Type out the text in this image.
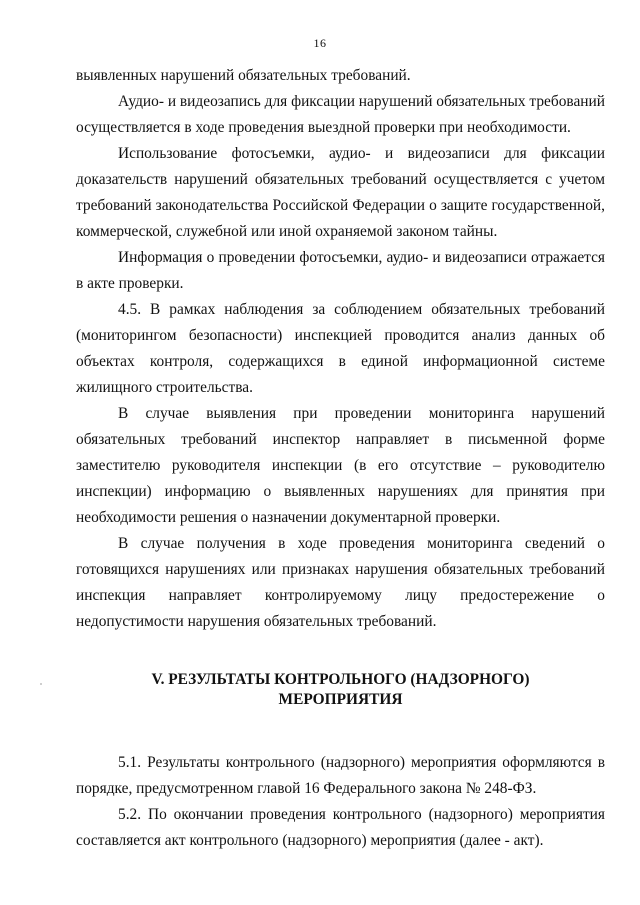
16

выявленных нарушений обязательных требований.

Аудио- и видеозапись для фиксации нарушений обязательных требований осуществляется в ходе проведения выездной проверки при необходимости.

Использование фотосъемки, аудио- и видеозаписи для фиксации доказательств нарушений обязательных требований осуществляется с учетом требований законодательства Российской Федерации о защите государственной, коммерческой, служебной или иной охраняемой законом тайны.

Информация о проведении фотосъемки, аудио- и видеозаписи отражается в акте проверки.

4.5. В рамках наблюдения за соблюдением обязательных требований (мониторингом безопасности) инспекцией проводится анализ данных об объектах контроля, содержащихся в единой информационной системе жилищного строительства.

В случае выявления при проведении мониторинга нарушений обязательных требований инспектор направляет в письменной форме заместителю руководителя инспекции (в его отсутствие – руководителю инспекции) информацию о выявленных нарушениях для принятия при необходимости решения о назначении документарной проверки.

В случае получения в ходе проведения мониторинга сведений о готовящихся нарушениях или признаках нарушения обязательных требований инспекция направляет контролируемому лицу предостережение о недопустимости нарушения обязательных требований.

V. РЕЗУЛЬТАТЫ КОНТРОЛЬНОГО (НАДЗОРНОГО)
МЕРОПРИЯТИЯ

5.1. Результаты контрольного (надзорного) мероприятия оформляются в порядке, предусмотренном главой 16 Федерального закона № 248-ФЗ.

5.2. По окончании проведения контрольного (надзорного) мероприятия составляется акт контрольного (надзорного) мероприятия (далее - акт).
